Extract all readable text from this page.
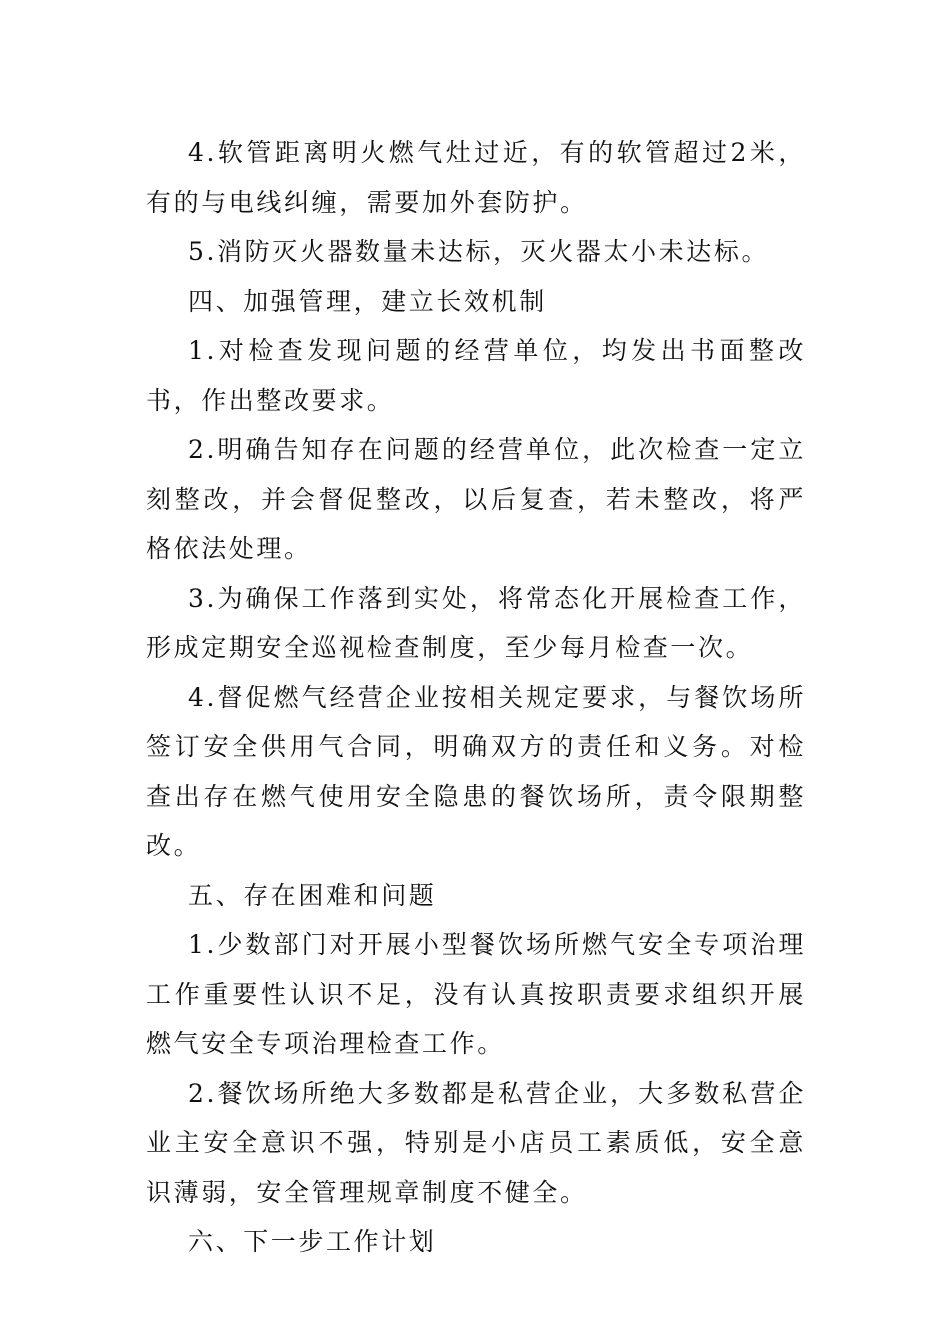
4.软管距离明火燃气灶过近，有的软管超过2米，有的与电线纠缠，需要加外套防护。

5.消防灭火器数量未达标，灭火器太小未达标。

四、加强管理，建立长效机制

1.对检查发现问题的经营单位，均发出书面整改书，作出整改要求。

2.明确告知存在问题的经营单位，此次检查一定立刻整改，并会督促整改，以后复查，若未整改，将严格依法处理。

3.为确保工作落到实处，将常态化开展检查工作，形成定期安全巡视检查制度，至少每月检查一次。

4.督促燃气经营企业按相关规定要求，与餐饮场所签订安全供用气合同，明确双方的责任和义务。对检查出存在燃气使用安全隐患的餐饮场所，责令限期整改。

五、存在困难和问题

1.少数部门对开展小型餐饮场所燃气安全专项治理工作重要性认识不足，没有认真按职责要求组织开展燃气安全专项治理检查工作。

2.餐饮场所绝大多数都是私营企业，大多数私营企业主安全意识不强，特别是小店员工素质低，安全意识薄弱，安全管理规章制度不健全。

六、下一步工作计划
